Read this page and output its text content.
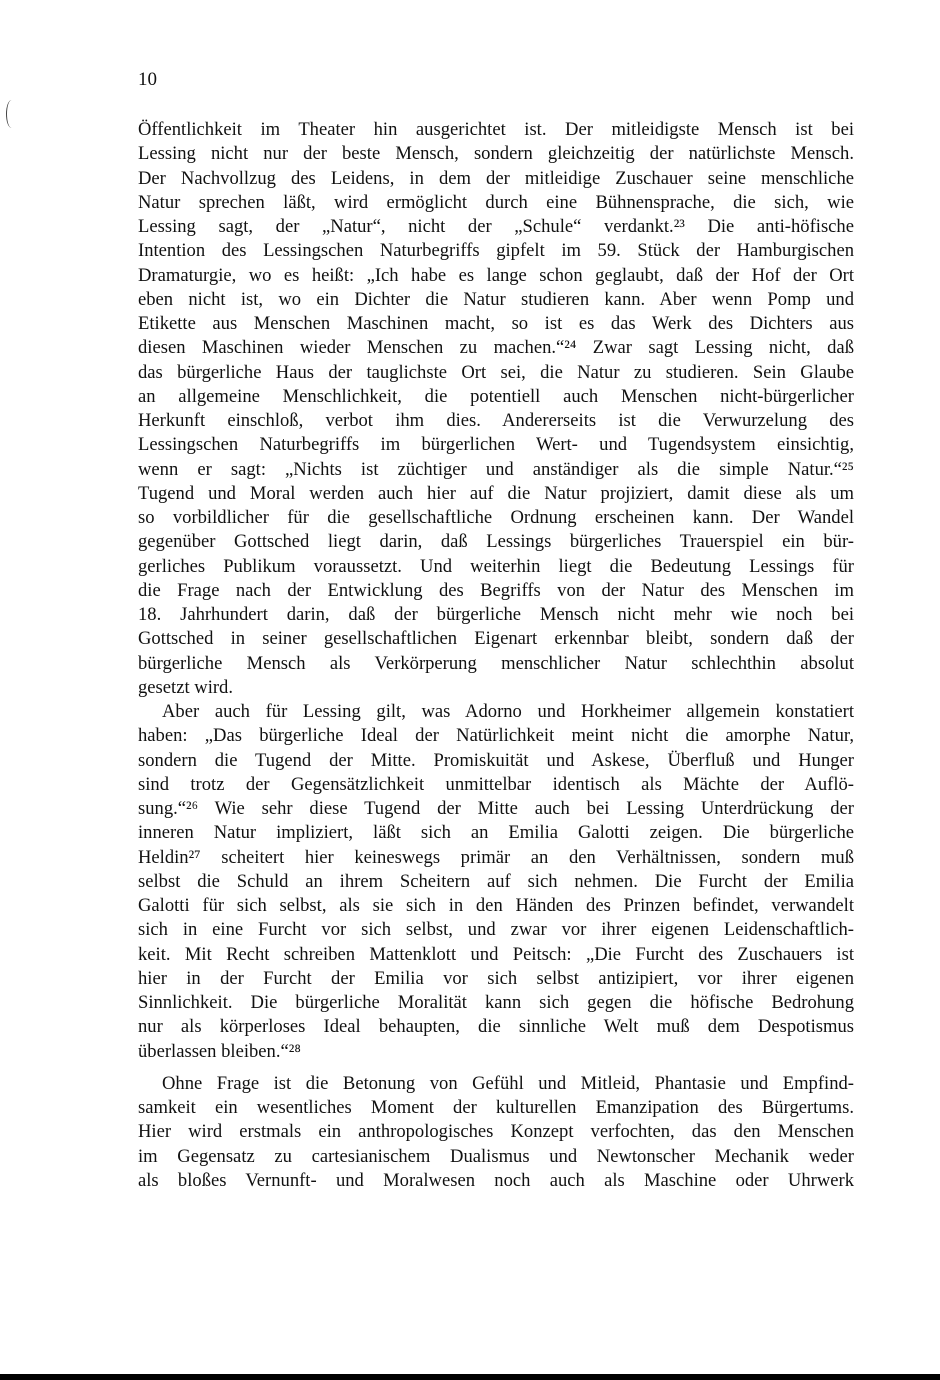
10
Öffentlichkeit im Theater hin ausgerichtet ist. Der mitleidigste Mensch ist bei
Lessing nicht nur der beste Mensch, sondern gleichzeitig der natürlichste Mensch.
Der Nachvollzug des Leidens, in dem der mitleidige Zuschauer seine menschliche
Natur sprechen läßt, wird ermöglicht durch eine Bühnensprache, die sich, wie
Lessing sagt, der „Natur“, nicht der „Schule“ verdankt.²³ Die anti-höfische
Intention des Lessingschen Naturbegriffs gipfelt im 59. Stück der Hamburgischen
Dramaturgie, wo es heißt: „Ich habe es lange schon geglaubt, daß der Hof der Ort
eben nicht ist, wo ein Dichter die Natur studieren kann. Aber wenn Pomp und
Etikette aus Menschen Maschinen macht, so ist es das Werk des Dichters aus
diesen Maschinen wieder Menschen zu machen.“²⁴ Zwar sagt Lessing nicht, daß
das bürgerliche Haus der tauglichste Ort sei, die Natur zu studieren. Sein Glaube
an allgemeine Menschlichkeit, die potentiell auch Menschen nicht-bürgerlicher
Herkunft einschloß, verbot ihm dies. Andererseits ist die Verwurzelung des
Lessingschen Naturbegriffs im bürgerlichen Wert- und Tugendsystem einsichtig,
wenn er sagt: „Nichts ist züchtiger und anständiger als die simple Natur.“²⁵
Tugend und Moral werden auch hier auf die Natur projiziert, damit diese als um
so vorbildlicher für die gesellschaftliche Ordnung erscheinen kann. Der Wandel
gegenüber Gottsched liegt darin, daß Lessings bürgerliches Trauerspiel ein bür-
gerliches Publikum voraussetzt. Und weiterhin liegt die Bedeutung Lessings für
die Frage nach der Entwicklung des Begriffs von der Natur des Menschen im
18. Jahrhundert darin, daß der bürgerliche Mensch nicht mehr wie noch bei
Gottsched in seiner gesellschaftlichen Eigenart erkennbar bleibt, sondern daß der
bürgerliche Mensch als Verkörperung menschlicher Natur schlechthin absolut
gesetzt wird.
Aber auch für Lessing gilt, was Adorno und Horkheimer allgemein konstatiert
haben: „Das bürgerliche Ideal der Natürlichkeit meint nicht die amorphe Natur,
sondern die Tugend der Mitte. Promiskuität und Askese, Überfluß und Hunger
sind trotz der Gegensätzlichkeit unmittelbar identisch als Mächte der Auflö-
sung.“²⁶ Wie sehr diese Tugend der Mitte auch bei Lessing Unterdrückung der
inneren Natur impliziert, läßt sich an Emilia Galotti zeigen. Die bürgerliche
Heldin²⁷ scheitert hier keineswegs primär an den Verhältnissen, sondern muß
selbst die Schuld an ihrem Scheitern auf sich nehmen. Die Furcht der Emilia
Galotti für sich selbst, als sie sich in den Händen des Prinzen befindet, verwandelt
sich in eine Furcht vor sich selbst, und zwar vor ihrer eigenen Leidenschaftlich-
keit. Mit Recht schreiben Mattenklott und Peitsch: „Die Furcht des Zuschauers ist
hier in der Furcht der Emilia vor sich selbst antizipiert, vor ihrer eigenen
Sinnlichkeit. Die bürgerliche Moralität kann sich gegen die höfische Bedrohung
nur als körperloses Ideal behaupten, die sinnliche Welt muß dem Despotismus
überlassen bleiben.“²⁸
Ohne Frage ist die Betonung von Gefühl und Mitleid, Phantasie und Empfind-
samkeit ein wesentliches Moment der kulturellen Emanzipation des Bürgertums.
Hier wird erstmals ein anthropologisches Konzept verfochten, das den Menschen
im Gegensatz zu cartesianischem Dualismus und Newtonscher Mechanik weder
als bloßes Vernunft- und Moralwesen noch auch als Maschine oder Uhrwerk
